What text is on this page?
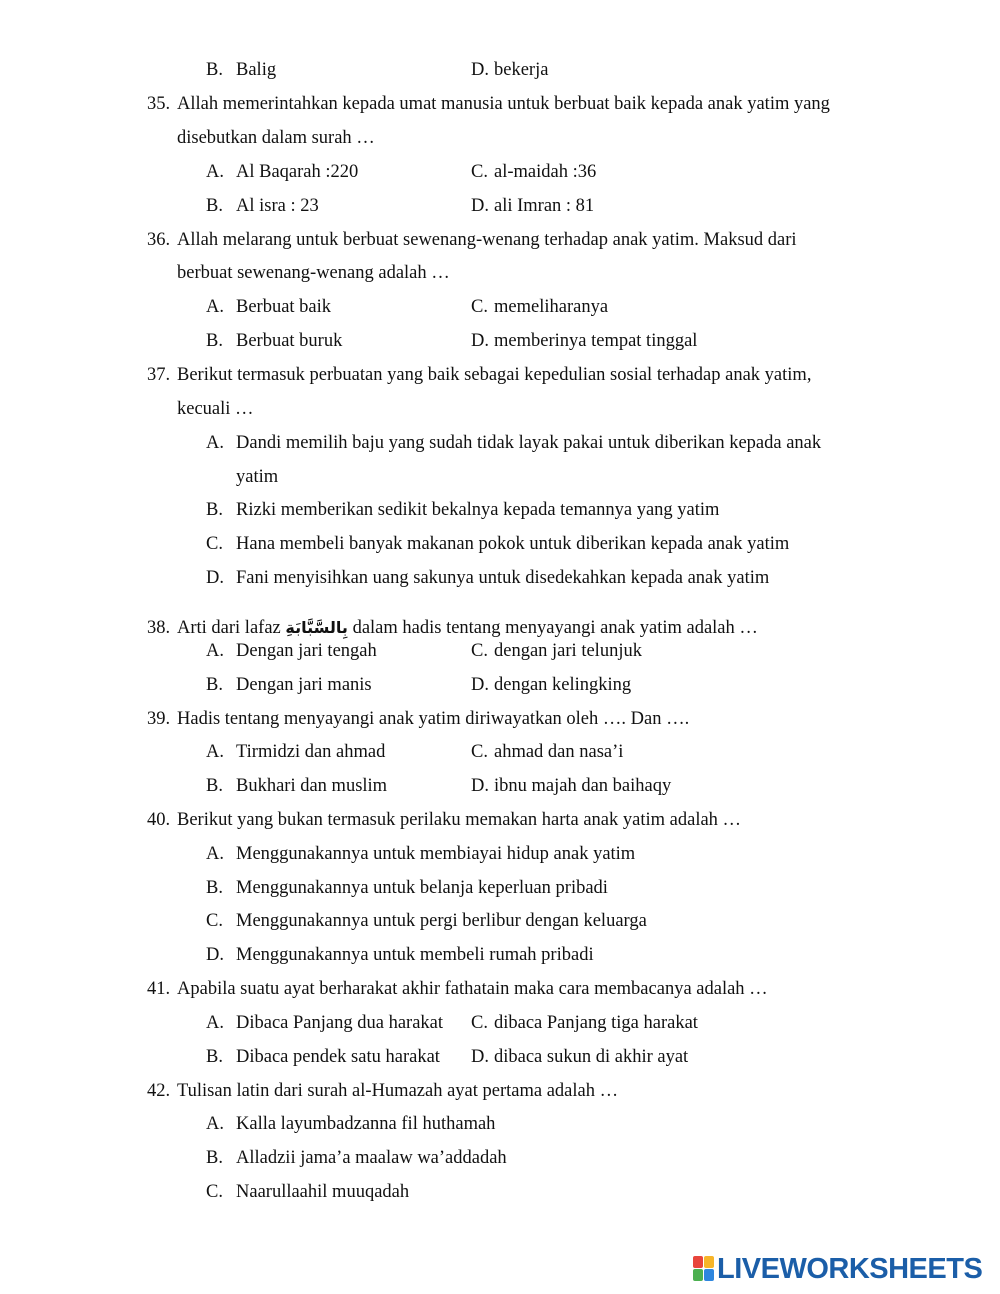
B. Balig	D. bekerja
35. Allah memerintahkan kepada umat manusia untuk berbuat baik kepada anak yatim yang
disebutkan dalam surah …
A. Al Baqarah :220	C. al-maidah :36
B. Al isra : 23	D. ali Imran : 81
36. Allah melarang untuk berbuat sewenang-wenang terhadap anak yatim. Maksud dari
berbuat sewenang-wenang adalah …
A. Berbuat baik	C. memeliharanya
B. Berbuat buruk	D. memberinya tempat tinggal
37. Berikut termasuk perbuatan yang baik sebagai kepedulian sosial terhadap anak yatim,
kecuali …
A. Dandi memilih baju yang sudah tidak layak pakai untuk diberikan kepada anak
yatim
B. Rizki memberikan sedikit bekalnya kepada temannya yang yatim
C. Hana membeli banyak makanan pokok untuk diberikan kepada anak yatim
D. Fani menyisihkan uang sakunya untuk disedekahkan kepada anak yatim
38. Arti dari lafaz بِالسَّبَّابَةِ dalam hadis tentang menyayangi anak yatim adalah …
A. Dengan jari tengah	C. dengan jari telunjuk
B. Dengan jari manis	D. dengan kelingking
39. Hadis tentang menyayangi anak yatim diriwayatkan oleh …. Dan ….
A. Tirmidzi dan ahmad	C. ahmad dan nasa’i
B. Bukhari dan muslim	D. ibnu majah dan baihaqy
40. Berikut yang bukan termasuk perilaku memakan harta anak yatim adalah …
A. Menggunakannya untuk membiayai hidup anak yatim
B. Menggunakannya untuk belanja keperluan pribadi
C. Menggunakannya untuk pergi berlibur dengan keluarga
D. Menggunakannya untuk membeli rumah pribadi
41. Apabila suatu ayat berharakat akhir fathatain maka cara membacanya adalah …
A. Dibaca Panjang dua harakat C. dibaca Panjang tiga harakat
B. Dibaca pendek satu harakat D. dibaca sukun di akhir ayat
42. Tulisan latin dari surah al-Humazah ayat pertama adalah …
A. Kalla layumbadzanna fil huthamah
B. Alladzii jama’a maalaw wa’addadah
C. Naarullaahil muuqadah
LIVEWORKSHEETS
